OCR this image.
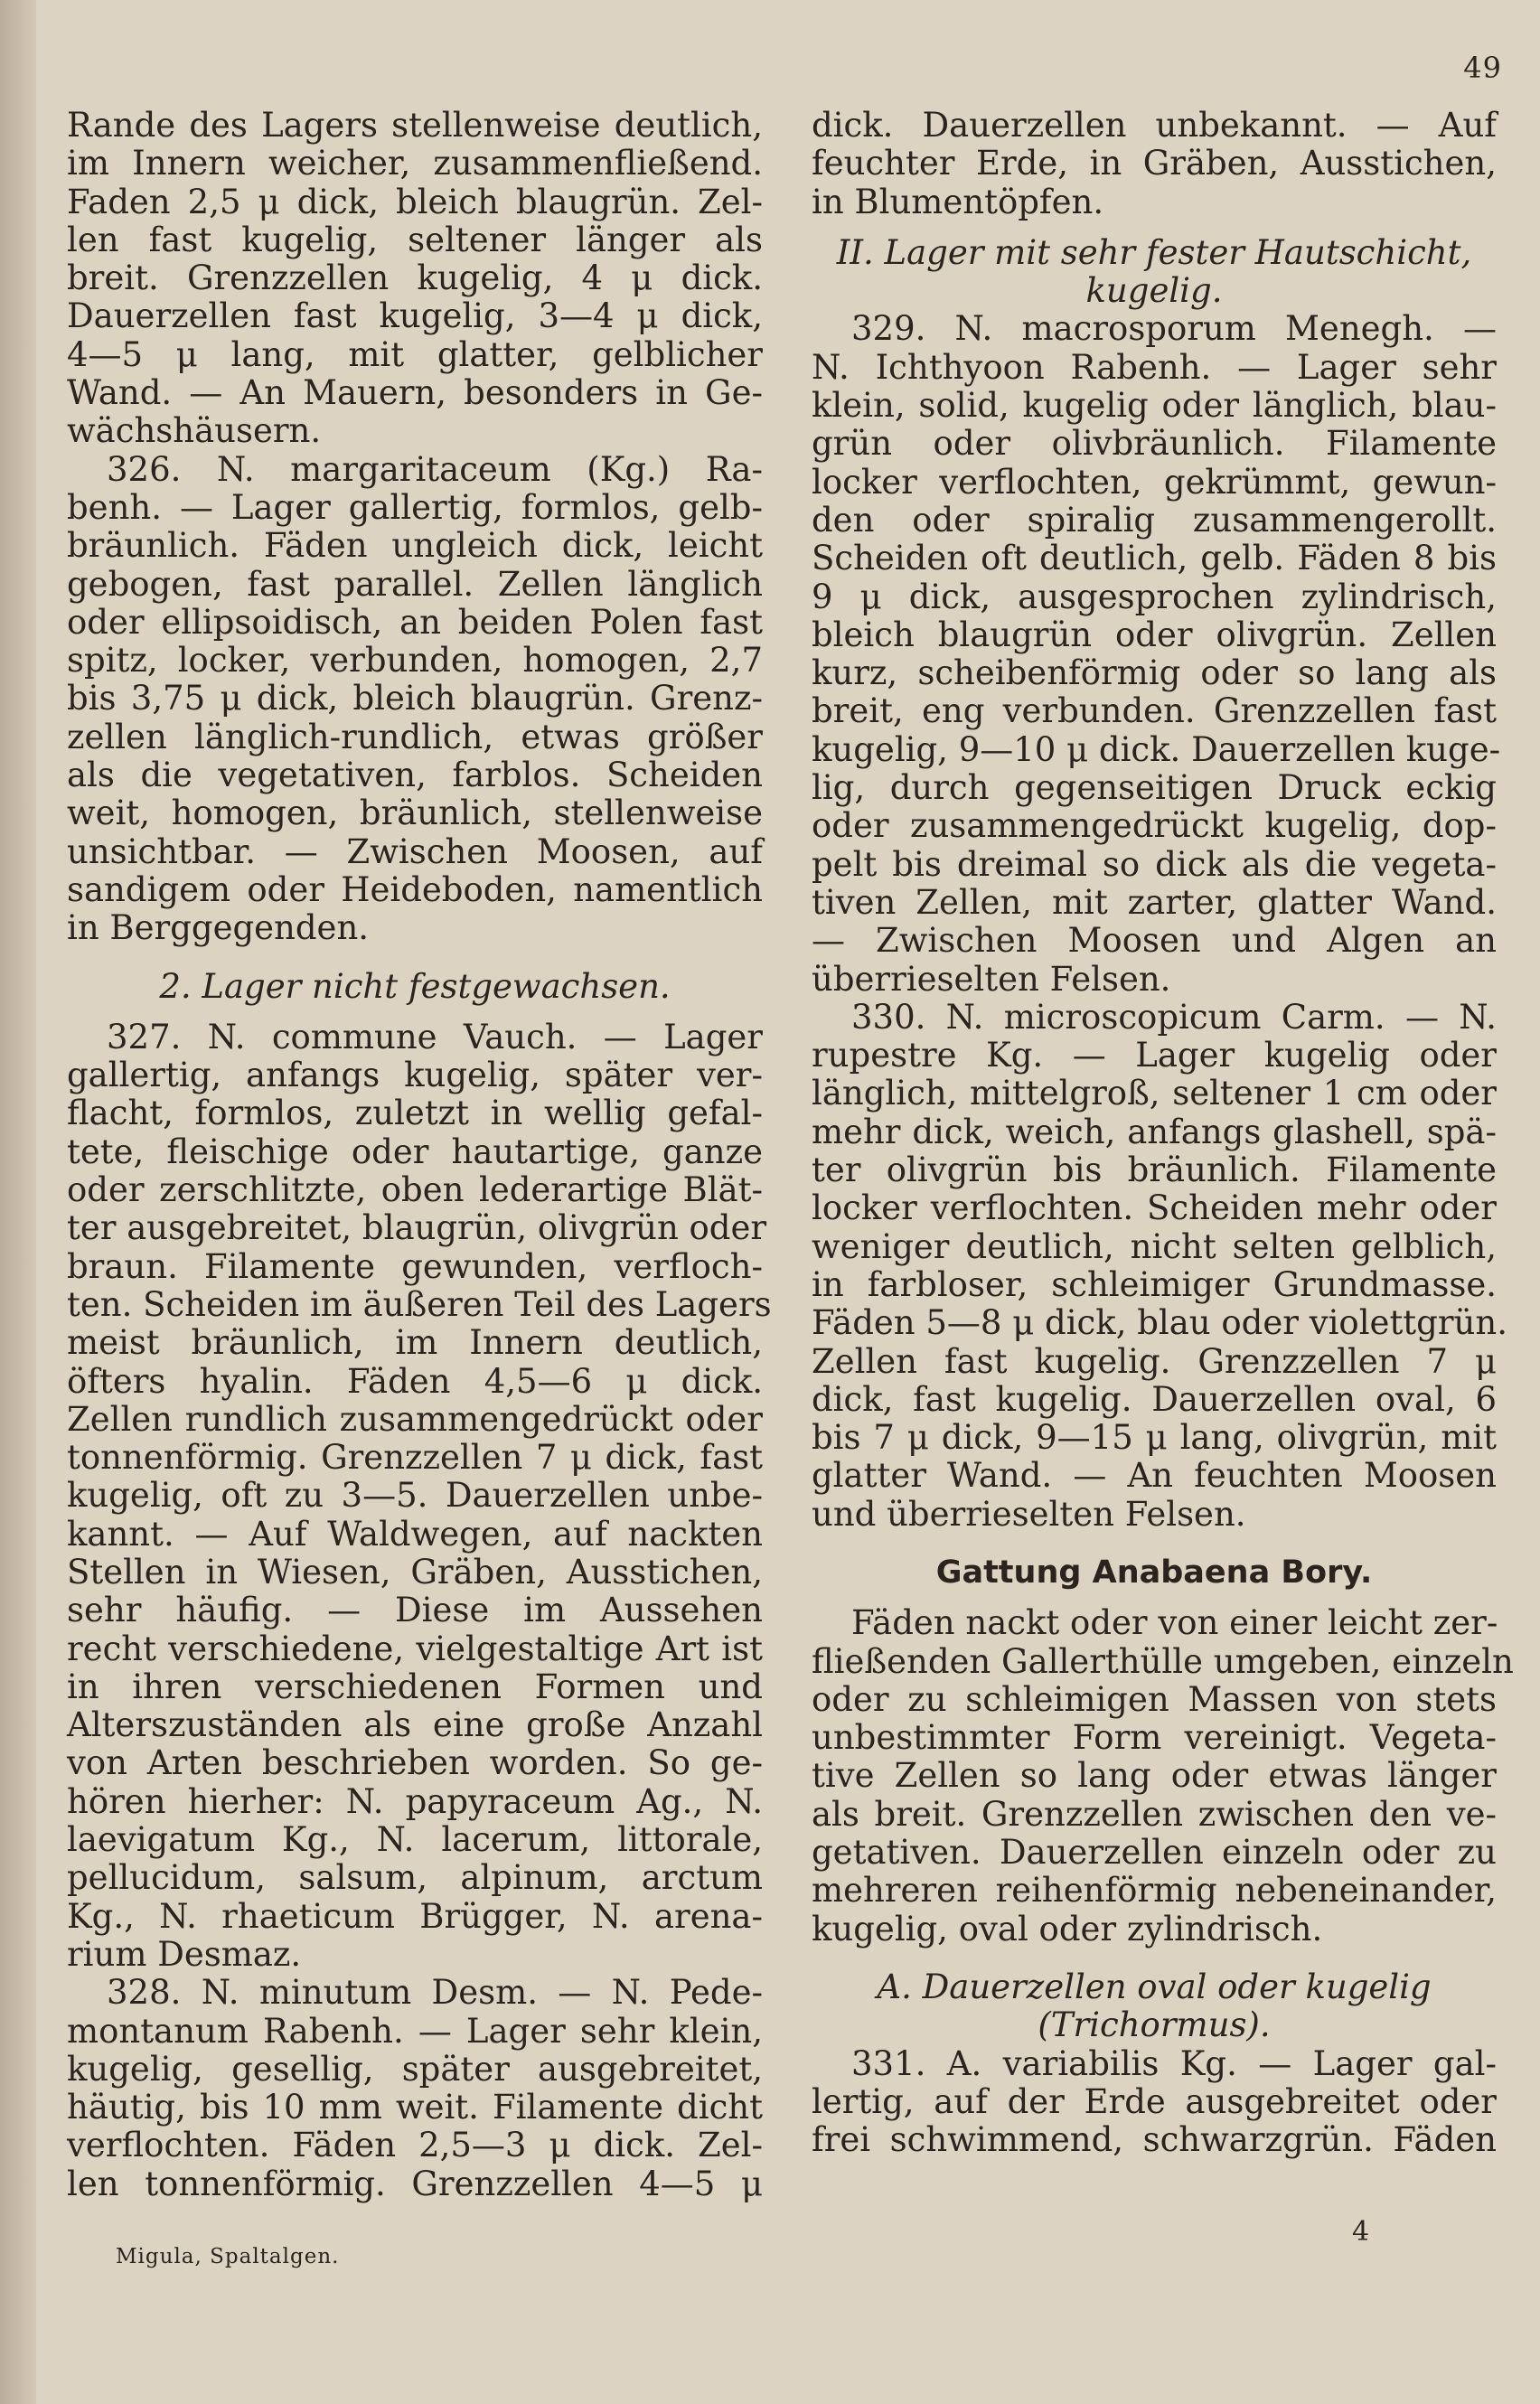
49
Rande des Lagers stellenweise deutlich,
im Innern weicher, zusammenfließend.
Faden 2,5 μ dick, bleich blaugrün. Zel-
len fast kugelig, seltener länger als
breit. Grenzzellen kugelig, 4 μ dick.
Dauerzellen fast kugelig, 3—4 μ dick,
4—5 μ lang, mit glatter, gelblicher
Wand. — An Mauern, besonders in Ge-
wächshäusern.
326. N. margaritaceum (Kg.) Ra-
benh. — Lager gallertig, formlos, gelb-
bräunlich. Fäden ungleich dick, leicht
gebogen, fast parallel. Zellen länglich
oder ellipsoidisch, an beiden Polen fast
spitz, locker, verbunden, homogen, 2,7
bis 3,75 μ dick, bleich blaugrün. Grenz-
zellen länglich-rundlich, etwas größer
als die vegetativen, farblos. Scheiden
weit, homogen, bräunlich, stellenweise
unsichtbar. — Zwischen Moosen, auf
sandigem oder Heideboden, namentlich
in Berggegenden.
2. Lager nicht festgewachsen.
327. N. commune Vauch. — Lager
gallertig, anfangs kugelig, später ver-
flacht, formlos, zuletzt in wellig gefal-
tete, fleischige oder hautartige, ganze
oder zerschlitzte, oben lederartige Blät-
ter ausgebreitet, blaugrün, olivgrün oder
braun. Filamente gewunden, verfloch-
ten. Scheiden im äußeren Teil des Lagers
meist bräunlich, im Innern deutlich,
öfters hyalin. Fäden 4,5—6 μ dick.
Zellen rundlich zusammengedrückt oder
tonnenförmig. Grenzzellen 7 μ dick, fast
kugelig, oft zu 3—5. Dauerzellen unbe-
kannt. — Auf Waldwegen, auf nackten
Stellen in Wiesen, Gräben, Ausstichen,
sehr häufig. — Diese im Aussehen
recht verschiedene, vielgestaltige Art ist
in ihren verschiedenen Formen und
Alterszuständen als eine große Anzahl
von Arten beschrieben worden. So ge-
hören hierher: N. papyraceum Ag., N.
laevigatum Kg., N. lacerum, littorale,
pellucidum, salsum, alpinum, arctum
Kg., N. rhaeticum Brügger, N. arena-
rium Desmaz.
328. N. minutum Desm. — N. Pede-
montanum Rabenh. — Lager sehr klein,
kugelig, gesellig, später ausgebreitet,
häutig, bis 10 mm weit. Filamente dicht
verflochten. Fäden 2,5—3 μ dick. Zel-
len tonnenförmig. Grenzzellen 4—5 μ
dick. Dauerzellen unbekannt. — Auf
feuchter Erde, in Gräben, Ausstichen,
in Blumentöpfen.
II. Lager mit sehr fester Hautschicht,
kugelig.
329. N. macrosporum Menegh. —
N. Ichthyoon Rabenh. — Lager sehr
klein, solid, kugelig oder länglich, blau-
grün oder olivbräunlich. Filamente
locker verflochten, gekrümmt, gewun-
den oder spiralig zusammengerollt.
Scheiden oft deutlich, gelb. Fäden 8 bis
9 μ dick, ausgesprochen zylindrisch,
bleich blaugrün oder olivgrün. Zellen
kurz, scheibenförmig oder so lang als
breit, eng verbunden. Grenzzellen fast
kugelig, 9—10 μ dick. Dauerzellen kuge-
lig, durch gegenseitigen Druck eckig
oder zusammengedrückt kugelig, dop-
pelt bis dreimal so dick als die vegeta-
tiven Zellen, mit zarter, glatter Wand.
— Zwischen Moosen und Algen an
überrieselten Felsen.
330. N. microscopicum Carm. — N.
rupestre Kg. — Lager kugelig oder
länglich, mittelgroß, seltener 1 cm oder
mehr dick, weich, anfangs glashell, spä-
ter olivgrün bis bräunlich. Filamente
locker verflochten. Scheiden mehr oder
weniger deutlich, nicht selten gelblich,
in farbloser, schleimiger Grundmasse.
Fäden 5—8 μ dick, blau oder violettgrün.
Zellen fast kugelig. Grenzzellen 7 μ
dick, fast kugelig. Dauerzellen oval, 6
bis 7 μ dick, 9—15 μ lang, olivgrün, mit
glatter Wand. — An feuchten Moosen
und überrieselten Felsen.
Gattung Anabaena Bory.
Fäden nackt oder von einer leicht zer-
fließenden Gallerthülle umgeben, einzeln
oder zu schleimigen Massen von stets
unbestimmter Form vereinigt. Vegeta-
tive Zellen so lang oder etwas länger
als breit. Grenzzellen zwischen den ve-
getativen. Dauerzellen einzeln oder zu
mehreren reihenförmig nebeneinander,
kugelig, oval oder zylindrisch.
A. Dauerzellen oval oder kugelig
(Trichormus).
331. A. variabilis Kg. — Lager gal-
lertig, auf der Erde ausgebreitet oder
frei schwimmend, schwarzgrün. Fäden
Migula, Spaltalgen.
4
